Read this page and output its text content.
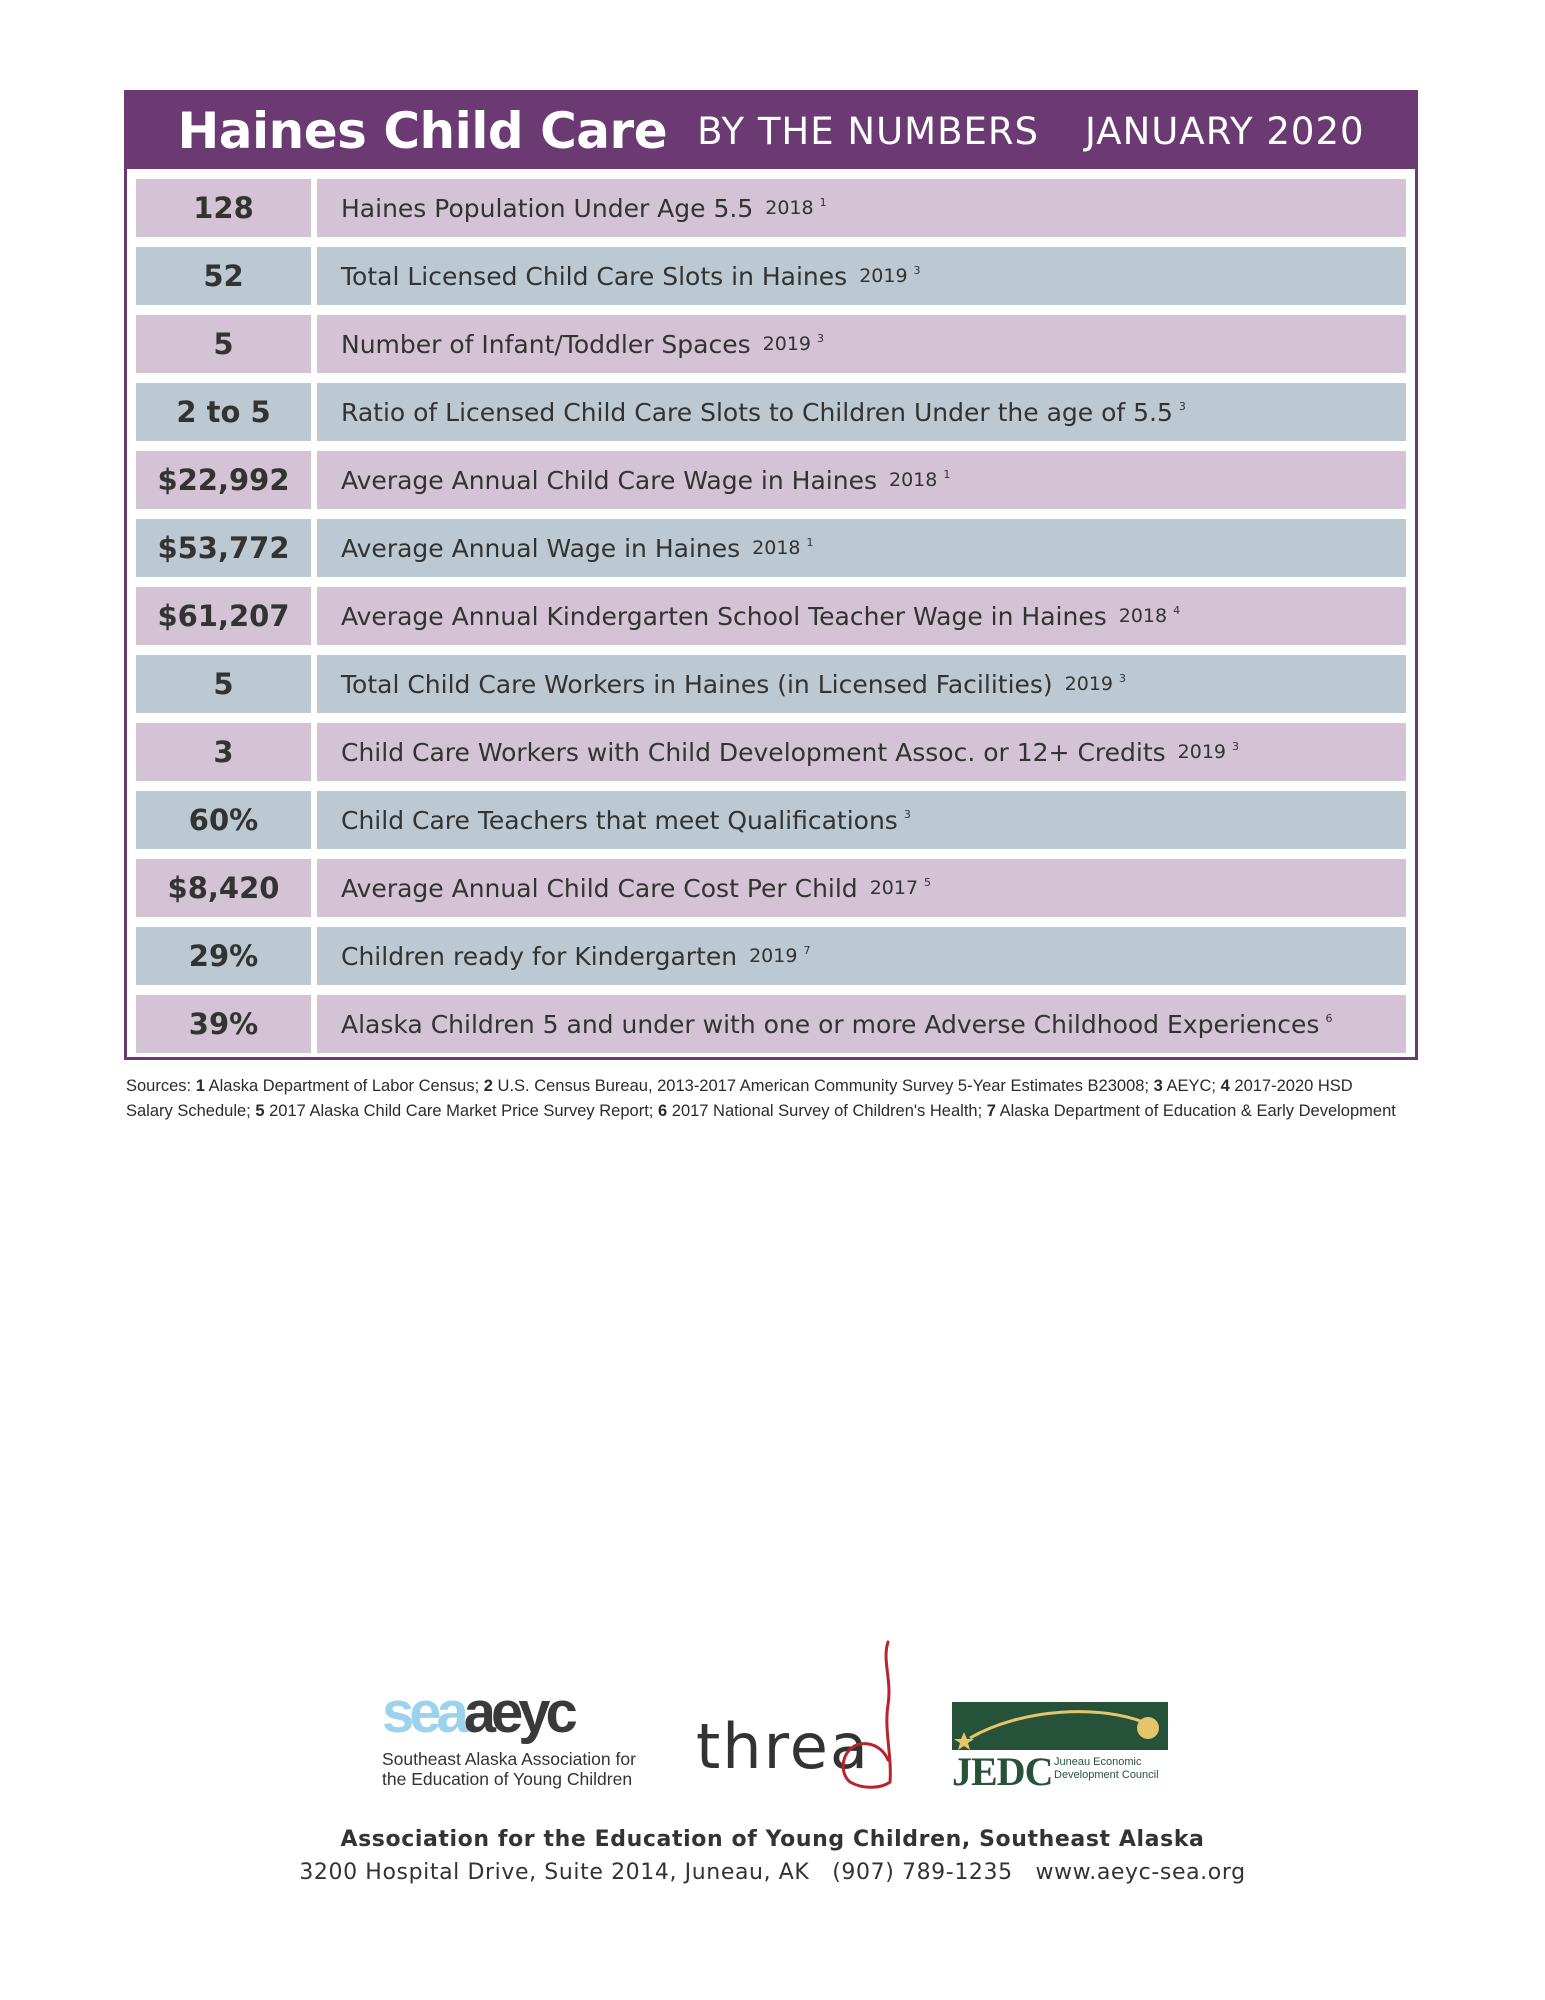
Haines Child Care BY THE NUMBERS JANUARY 2020
128	Haines Population Under Age 5.5 2018 1
52	Total Licensed Child Care Slots in Haines 2019 3
5	Number of Infant/Toddler Spaces 2019 3
2 to 5	Ratio of Licensed Child Care Slots to Children Under the age of 5.5 3
$22,992	Average Annual Child Care Wage in Haines 2018 1
$53,772	Average Annual Wage in Haines 2018 1
$61,207	Average Annual Kindergarten School Teacher Wage in Haines 2018 4
5	Total Child Care Workers in Haines (in Licensed Facilities) 2019 3
3	Child Care Workers with Child Development Assoc. or 12+ Credits 2019 3
60%	Child Care Teachers that meet Qualifications 3
$8,420	Average Annual Child Care Cost Per Child 2017 5
29%	Children ready for Kindergarten 2019 7
39%	Alaska Children 5 and under with one or more Adverse Childhood Experiences 6
Sources: 1 Alaska Department of Labor Census; 2 U.S. Census Bureau, 2013-2017 American Community Survey 5-Year Estimates B23008; 3 AEYC; 4 2017-2020 HSD Salary Schedule; 5 2017 Alaska Child Care Market Price Survey Report; 6 2017 National Survey of Children's Health; 7 Alaska Department of Education & Early Development
seaaeyc
Southeast Alaska Association for
the Education of Young Children	threa JEDC Juneau Economic
Development Council
Association for the Education of Young Children, Southeast Alaska
3200 Hospital Drive, Suite 2014, Juneau, AK (907) 789-1235 www.aeyc-sea.org
